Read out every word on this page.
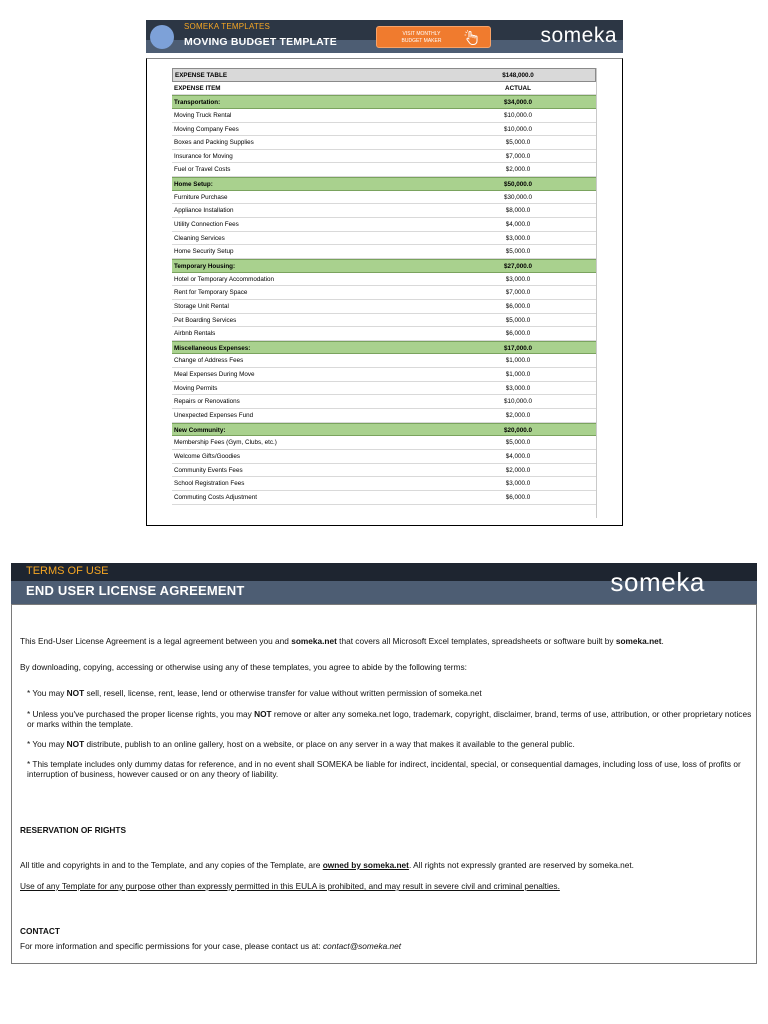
SOMEKA TEMPLATES
MOVING BUDGET TEMPLATE
VISIT MONTHLY
BUDGET MAKER	someka
EXPENSE TABLE	$148,000.0
EXPENSE ITEM	ACTUAL
Transportation:	$34,000.0
Moving Truck Rental	$10,000.0
Moving Company Fees	$10,000.0
Boxes and Packing Supplies	$5,000.0
Insurance for Moving	$7,000.0
Fuel or Travel Costs	$2,000.0
Home Setup:	$50,000.0
Furniture Purchase	$30,000.0
Appliance Installation	$8,000.0
Utility Connection Fees	$4,000.0
Cleaning Services	$3,000.0
Home Security Setup	$5,000.0
Temporary Housing:	$27,000.0
Hotel or Temporary Accommodation	$3,000.0
Rent for Temporary Space	$7,000.0
Storage Unit Rental	$6,000.0
Pet Boarding Services	$5,000.0
Airbnb Rentals	$6,000.0
Miscellaneous Expenses:	$17,000.0
Change of Address Fees	$1,000.0
Meal Expenses During Move	$1,000.0
Moving Permits	$3,000.0
Repairs or Renovations	$10,000.0
Unexpected Expenses Fund	$2,000.0
New Community:	$20,000.0
Membership Fees (Gym, Clubs, etc.)	$5,000.0
Welcome Gifts/Goodies	$4,000.0
Community Events Fees	$2,000.0
School Registration Fees	$3,000.0
Commuting Costs Adjustment	$6,000.0
TERMS OF USE
END USER LICENSE AGREEMENT	someka
This End-User License Agreement is a legal agreement between you and someka.net that covers all Microsoft Excel templates, spreadsheets or software built by someka.net.
By downloading, copying, accessing or otherwise using any of these templates, you agree to abide by the following terms:
* You may NOT sell, resell, license, rent, lease, lend or otherwise transfer for value without written permission of someka.net
* Unless you've purchased the proper license rights, you may NOT remove or alter any someka.net logo, trademark, copyright, disclaimer, brand, terms of use, attribution, or other proprietary notices or marks within the template.
* You may NOT distribute, publish to an online gallery, host on a website, or place on any server in a way that makes it available to the general public.
* This template includes only dummy datas for reference, and in no event shall SOMEKA be liable for indirect, incidental, special, or consequential damages, including loss of use, loss of profits or interruption of business, however caused or on any theory of liability.
RESERVATION OF RIGHTS
All title and copyrights in and to the Template, and any copies of the Template, are owned by someka.net. All rights not expressly granted are reserved by someka.net.
Use of any Template for any purpose other than expressly permitted in this EULA is prohibited, and may result in severe civil and criminal penalties.
CONTACT
For more information and specific permissions for your case, please contact us at: contact@someka.net
